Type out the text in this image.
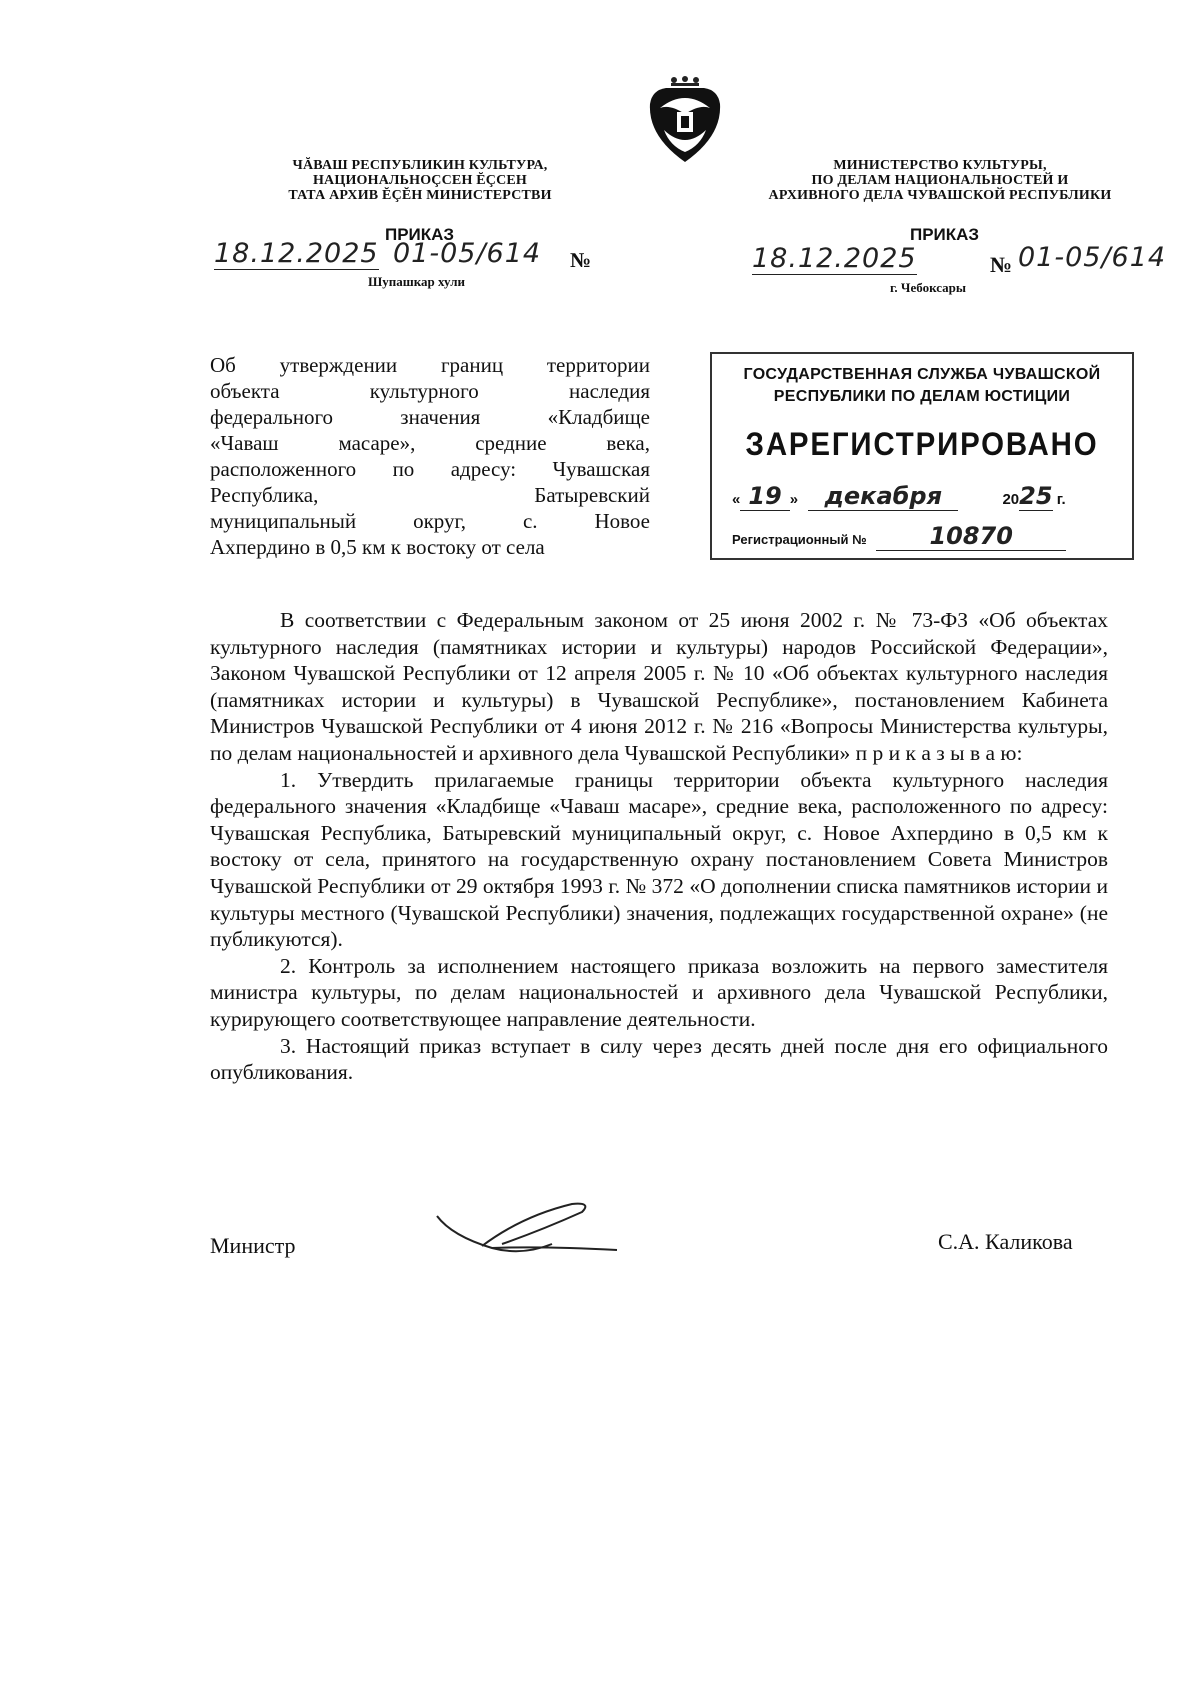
ЧĂВАШ РЕСПУБЛИКИН КУЛЬТУРА,
НАЦИОНАЛЬНОÇСЕН ĔÇСЕН
ТАТА АРХИВ ĔÇĔН МИНИСТЕРСТВИ
МИНИСТЕРСТВО КУЛЬТУРЫ,
ПО ДЕЛАМ НАЦИОНАЛЬНОСТЕЙ И
АРХИВНОГО ДЕЛА ЧУВАШСКОЙ РЕСПУБЛИКИ
ПРИКАЗ	ПРИКАЗ
18.12.2025 01-05/614 №
Шупашкар хули
18.12.2025	№ 01-05/614
г. Чебоксары
Об утверждении границ территории
объекта культурного наследия
федерального значения «Кладбище
«Чаваш масаре», средние века,
расположенного по адресу: Чувашская
Республика, Батыревский
муниципальный округ, с. Новое
Ахпердино в 0,5 км к востоку от села
ГОСУДАРСТВЕННАЯ СЛУЖБА ЧУВАШСКОЙ
РЕСПУБЛИКИ ПО ДЕЛАМ ЮСТИЦИИ
ЗАРЕГИСТРИРОВАНО
« 19 » декабря	2025 г.
Регистрационный №	10870

В соответствии с Федеральным законом от 25 июня 2002 г. № 73-ФЗ «Об объектах культурного наследия (памятниках истории и культуры) народов Российской Федерации», Законом Чувашской Республики от 12 апреля 2005 г. № 10 «Об объектах культурного наследия (памятниках истории и культуры) в Чувашской Республике», постановлением Кабинета Министров Чувашской Республики от 4 июня 2012 г. № 216 «Вопросы Министерства культуры, по делам национальностей и архивного дела Чувашской Республики» п р и к а з ы в а ю:

1. Утвердить прилагаемые границы территории объекта культурного наследия федерального значения «Кладбище «Чаваш масаре», средние века, расположенного по адресу: Чувашская Республика, Батыревский муниципальный округ, с. Новое Ахпердино в 0,5 км к востоку от села, принятого на государственную охрану постановлением Совета Министров Чувашской Республики от 29 октября 1993 г. № 372 «О дополнении списка памятников истории и культуры местного (Чувашской Республики) значения, подлежащих государственной охране» (не публикуются).

2. Контроль за исполнением настоящего приказа возложить на первого заместителя министра культуры, по делам национальностей и архивного дела Чувашской Республики, курирующего соответствующее направление деятельности.

3. Настоящий приказ вступает в силу через десять дней после дня его официального опубликования.

Министр	С.А. Каликова
